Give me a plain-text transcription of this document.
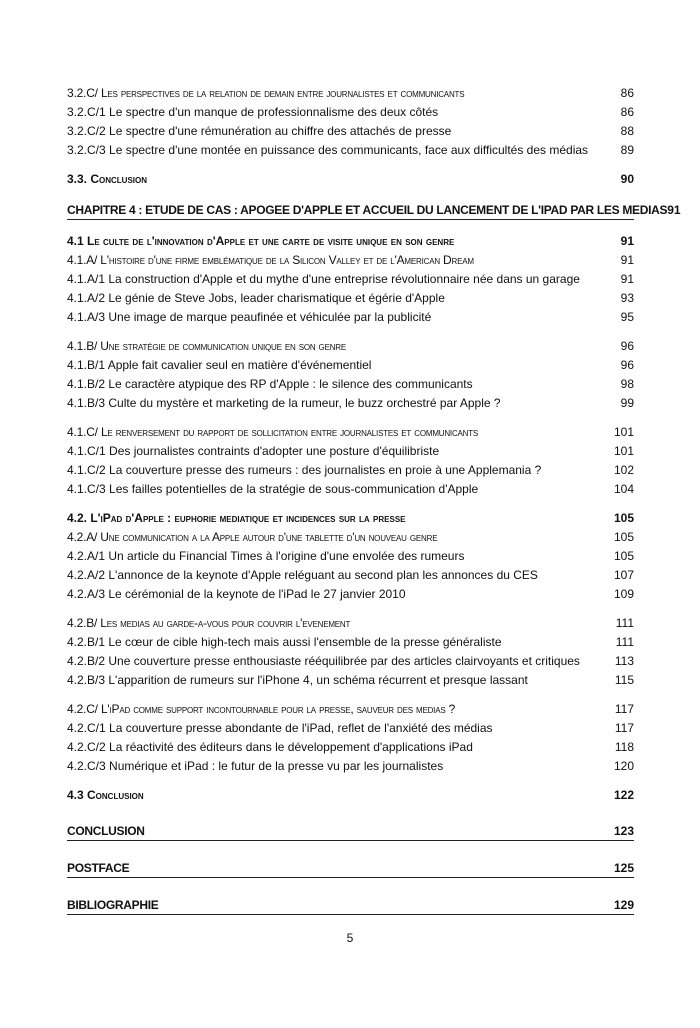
3.2.C/ Les perspectives de la relation de demain entre journalistes et communicants	86
3.2.C/1 Le spectre d'un manque de professionnalisme des deux côtés	86
3.2.C/2 Le spectre d'une rémunération au chiffre des attachés de presse	88
3.2.C/3 Le spectre d'une montée en puissance des communicants, face aux difficultés des médias	89
3.3. Conclusion	90
CHAPITRE 4 : ETUDE DE CAS : APOGEE D'APPLE ET ACCUEIL DU LANCEMENT DE L'IPAD PAR LES MEDIAS 91
4.1 Le culte de l'innovation d'Apple et une carte de visite unique en son genre	91
4.1.A/ L'histoire d'une firme emblématique de la Silicon Valley et de l'American Dream	91
4.1.A/1 La construction d'Apple et du mythe d'une entreprise révolutionnaire née dans un garage	91
4.1.A/2 Le génie de Steve Jobs, leader charismatique et égérie d'Apple	93
4.1.A/3 Une image de marque peaufinée et véhiculée par la publicité	95
4.1.B/ Une stratégie de communication unique en son genre	96
4.1.B/1 Apple fait cavalier seul en matière d'événementiel	96
4.1.B/2 Le caractère atypique des RP d'Apple : le silence des communicants	98
4.1.B/3 Culte du mystère et marketing de la rumeur, le buzz orchestré par Apple ?	99
4.1.C/ Le renversement du rapport de sollicitation entre journalistes et communicants	101
4.1.C/1 Des journalistes contraints d'adopter une posture d'équilibriste	101
4.1.C/2 La couverture presse des rumeurs : des journalistes en proie à une Applemania ?	102
4.1.C/3 Les failles potentielles de la stratégie de sous-communication d'Apple	104
4.2. L'iPad d'Apple : euphorie mediatique et incidences sur la presse	105
4.2.A/ Une communication a la Apple autour d'une tablette d'un nouveau genre	105
4.2.A/1 Un article du Financial Times à l'origine d'une envolée des rumeurs	105
4.2.A/2 L'annonce de la keynote d'Apple reléguant au second plan les annonces du CES	107
4.2.A/3 Le cérémonial de la keynote de l'iPad le 27 janvier 2010	109
4.2.B/ Les medias au garde-a-vous pour couvrir l'evenement	111
4.2.B/1 Le cœur de cible high-tech mais aussi l'ensemble de la presse généraliste	111
4.2.B/2 Une couverture presse enthousiaste rééquilibrée par des articles clairvoyants et critiques	113
4.2.B/3 L'apparition de rumeurs sur l'iPhone 4, un schéma récurrent et presque lassant	115
4.2.C/ L'iPad comme support incontournable pour la presse, sauveur des medias ?	117
4.2.C/1 La couverture presse abondante de l'iPad, reflet de l'anxiété des médias	117
4.2.C/2 La réactivité des éditeurs dans le développement d'applications iPad	118
4.2.C/3 Numérique et iPad : le futur de la presse vu par les journalistes	120
4.3 Conclusion	122
CONCLUSION	123
POSTFACE	125
BIBLIOGRAPHIE	129
5
